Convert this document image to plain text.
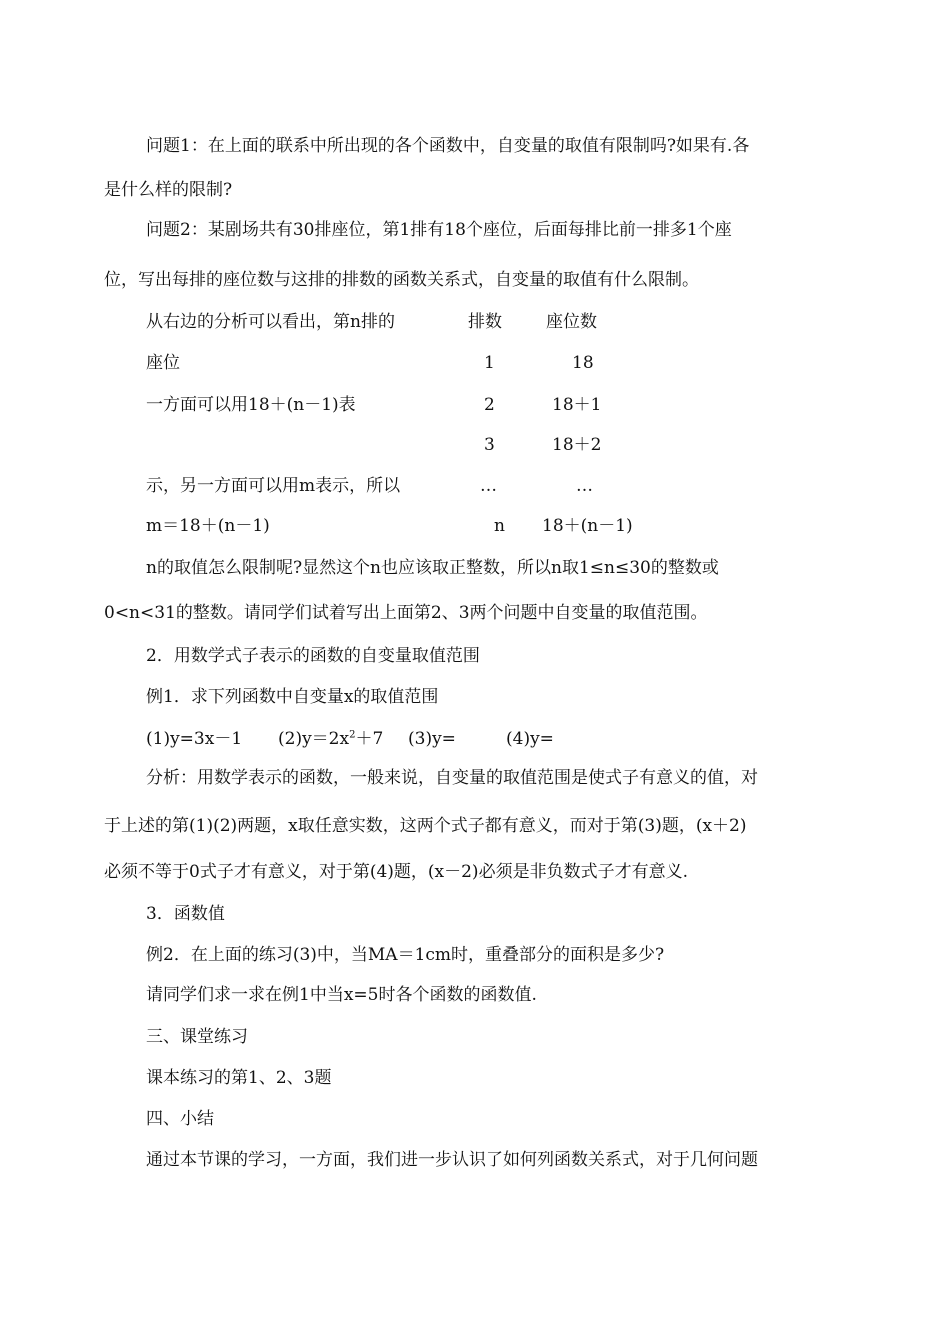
问题1：在上面的联系中所出现的各个函数中，自变量的取值有限制吗?如果有.各
是什么样的限制?
问题2：某剧场共有30排座位，第1排有18个座位，后面每排比前一排多1个座
位，写出每排的座位数与这排的排数的函数关系式，自变量的取值有什么限制。
从右边的分析可以看出，第n排的
座位
一方面可以用18＋(n－1)表
示，另一方面可以用m表示，所以
m＝18＋(n－1)
排数	座位数
1	18
2	18＋1
3	18＋2
…	…
n 18＋(n－1)
n的取值怎么限制呢?显然这个n也应该取正整数，所以n取1≤n≤30的整数或
0<n<31的整数。请同学们试着写出上面第2、3两个问题中自变量的取值范围。
2．用数学式子表示的函数的自变量取值范围
例1．求下列函数中自变量x的取值范围
(1)y=3x－1 $(2)y=2x^2+7$ (3)y=	(4)y=
分析：用数学表示的函数，一般来说，自变量的取值范围是使式子有意义的值，对
于上述的第(1)(2)两题，x取任意实数，这两个式子都有意义，而对于第(3)题，(x＋2)
必须不等于0式子才有意义，对于第(4)题，(x－2)必须是非负数式子才有意义.
3．函数值
例2．在上面的练习(3)中，当MA＝1cm时，重叠部分的面积是多少?
请同学们求一求在例1中当x=5时各个函数的函数值.
三、课堂练习
课本练习的第1、2、3题
四、小结
通过本节课的学习，一方面，我们进一步认识了如何列函数关系式，对于几何问题
